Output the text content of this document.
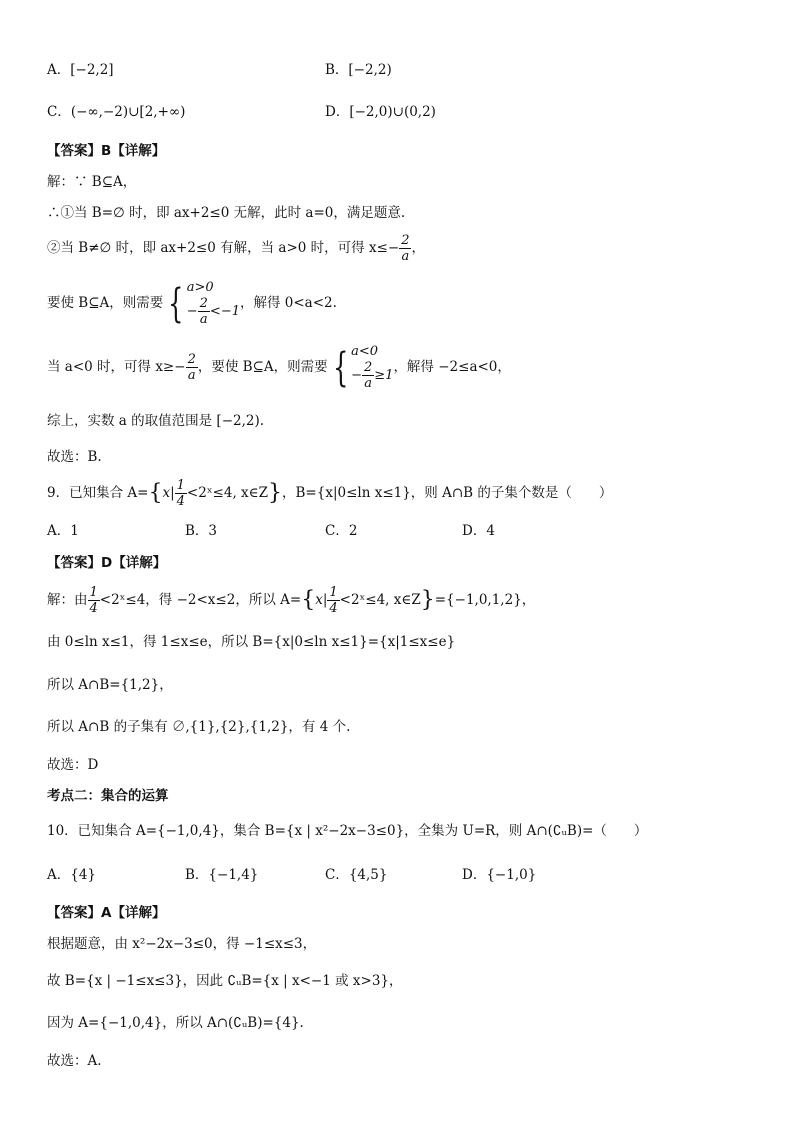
A．[−2,2]	B．[−2,2)
C．(−∞,−2)∪[2,+∞)	D．[−2,0)∪(0,2)
【答案】B【详解】
解：∵ B⊆A，
∴①当 B=∅ 时，即 ax+2≤0 无解，此时 a=0，满足题意.
②当 B≠∅ 时，即 ax+2≤0 有解，当 a>0 时，可得 $x\le- \frac{2}{a}$ ，
要使 B⊆A，则需要 { a>0
− $\frac{2}{a} <-1$
，解得 0<a<2.
当 a<0 时，可得 $x\ge- \frac{2}{a}$ ，要使 B⊆A，则需要 { a<0
− $\frac{2}{a} \ge 1$
，解得 −2≤a<0，
综上，实数 a 的取值范围是 [−2,2).
故选：B.
9．已知集合 $A=\{x| \frac{1}{4}$ <2ˣ≤4, x∈Z}，B={x|0≤ln x≤1}，则 A∩B 的子集个数是（　　）
A．1	B．3	C．2	D．4
【答案】D【详解】
解：由 $\frac{1}{4}$ <2ˣ≤4，得 −2<x≤2，所以 $A=\{x| \frac{1}{4}$ <2ˣ≤4, x∈Z}={−1,0,1,2}，
由 0≤ln x≤1，得 1≤x≤e，所以 B={x|0≤ln x≤1}={x|1≤x≤e}
所以 A∩B={1,2}，
所以 A∩B 的子集有 ∅,{1},{2},{1,2}，有 4 个.
故选：D
考点二：集合的运算
10．已知集合 A={−1,0,4}，集合 B={x | x²−2x−3≤0}，全集为 U=R，则 A∩(∁ᵤB)=（　　）
A．{4}	B．{−1,4}	C．{4,5}	D．{−1,0}
【答案】A【详解】
根据题意，由 x²−2x−3≤0，得 −1≤x≤3，
故 B={x | −1≤x≤3}，因此 ∁ᵤB={x | x<−1 或 x>3}，
因为 A={−1,0,4}，所以 A∩(∁ᵤB)={4}.
故选：A.
